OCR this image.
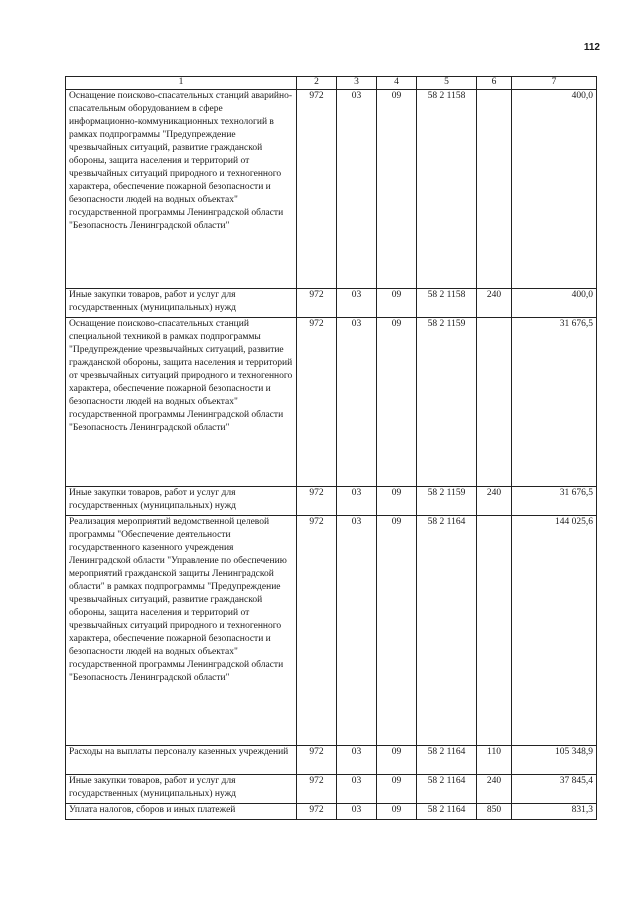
112
1	2	3	4	5	6	7
Оснащение поисково-спасательных станций аварийно-спасательным оборудованием в сфере информационно-коммуникационных технологий в рамках подпрограммы "Предупреждение чрезвычайных ситуаций, развитие гражданской обороны, защита населения и территорий от чрезвычайных ситуаций природного и техногенного характера, обеспечение пожарной безопасности и безопасности людей на водных объектах" государственной программы Ленинградской области "Безопасность Ленинградской области"	972	03	09	58 2 1158		400,0
Иные закупки товаров, работ и услуг для государственных (муниципальных) нужд	972	03	09	58 2 1158	240	400,0
Оснащение поисково-спасательных станций специальной техникой в рамках подпрограммы "Предупреждение чрезвычайных ситуаций, развитие гражданской обороны, защита населения и территорий от чрезвычайных ситуаций природного и техногенного характера, обеспечение пожарной безопасности и безопасности людей на водных объектах" государственной программы Ленинградской области "Безопасность Ленинградской области"	972	03	09	58 2 1159		31 676,5
Иные закупки товаров, работ и услуг для государственных (муниципальных) нужд	972	03	09	58 2 1159	240	31 676,5
Реализация мероприятий ведомственной целевой программы "Обеспечение деятельности государственного казенного учреждения Ленинградской области "Управление по обеспечению мероприятий гражданской защиты Ленинградской области" в рамках подпрограммы "Предупреждение чрезвычайных ситуаций, развитие гражданской обороны, защита населения и территорий от чрезвычайных ситуаций природного и техногенного характера, обеспечение пожарной безопасности и безопасности людей на водных объектах" государственной программы Ленинградской области "Безопасность Ленинградской области"	972	03	09	58 2 1164		144 025,6
Расходы на выплаты персоналу казенных учреждений	972	03	09	58 2 1164	110	105 348,9
Иные закупки товаров, работ и услуг для государственных (муниципальных) нужд	972	03	09	58 2 1164	240	37 845,4
Уплата налогов, сборов и иных платежей	972	03	09	58 2 1164	850	831,3
